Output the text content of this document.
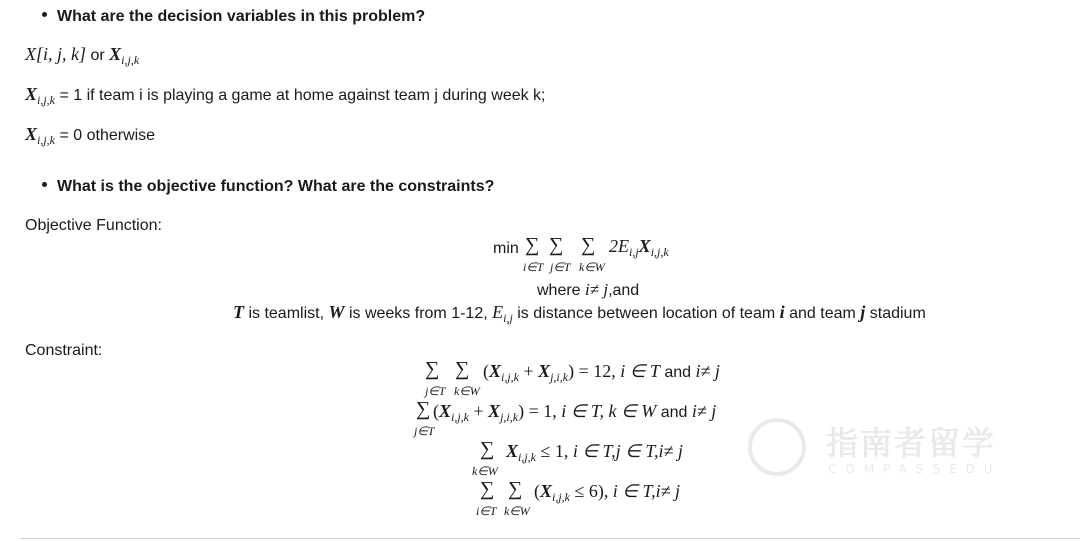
What are the decision variables in this problem?
X[i, j, k] or $X_{i,j,k}$
$X_{i,j,k} = 1$ if team i is playing a game at home against team j during week k;
$X_{i,j,k} = 0$ otherwise
What is the objective function? What are the constraints?
Objective Function:
min ∑ ∑ ∑
i∈T j∈T k∈W
$2E_{i,j}X_{i,j,k}$
where i≠ j,and
T is teamlist, W is weeks from 1-12, $E_{i,j}$ is distance between location of team i and team j stadium
Constraint:
∑ ∑
j∈T k∈W
$(X_{i,j,k} + X_{j,i,k}) = 12$, i ∈ T and i≠ j
∑
j∈T
$(X_{i,j,k} + X_{j,i,k}) = 1$, i ∈ T, k ∈ W and i≠ j
∑
k∈W
$X_{i,j,k} \le 1$, i ∈ T,j ∈ T,i≠ j
∑ ∑
i∈T k∈W
$(X_{i,j,k} \le 6)$, i ∈ T,i≠ j
指南者留学
COMPASSEDU
